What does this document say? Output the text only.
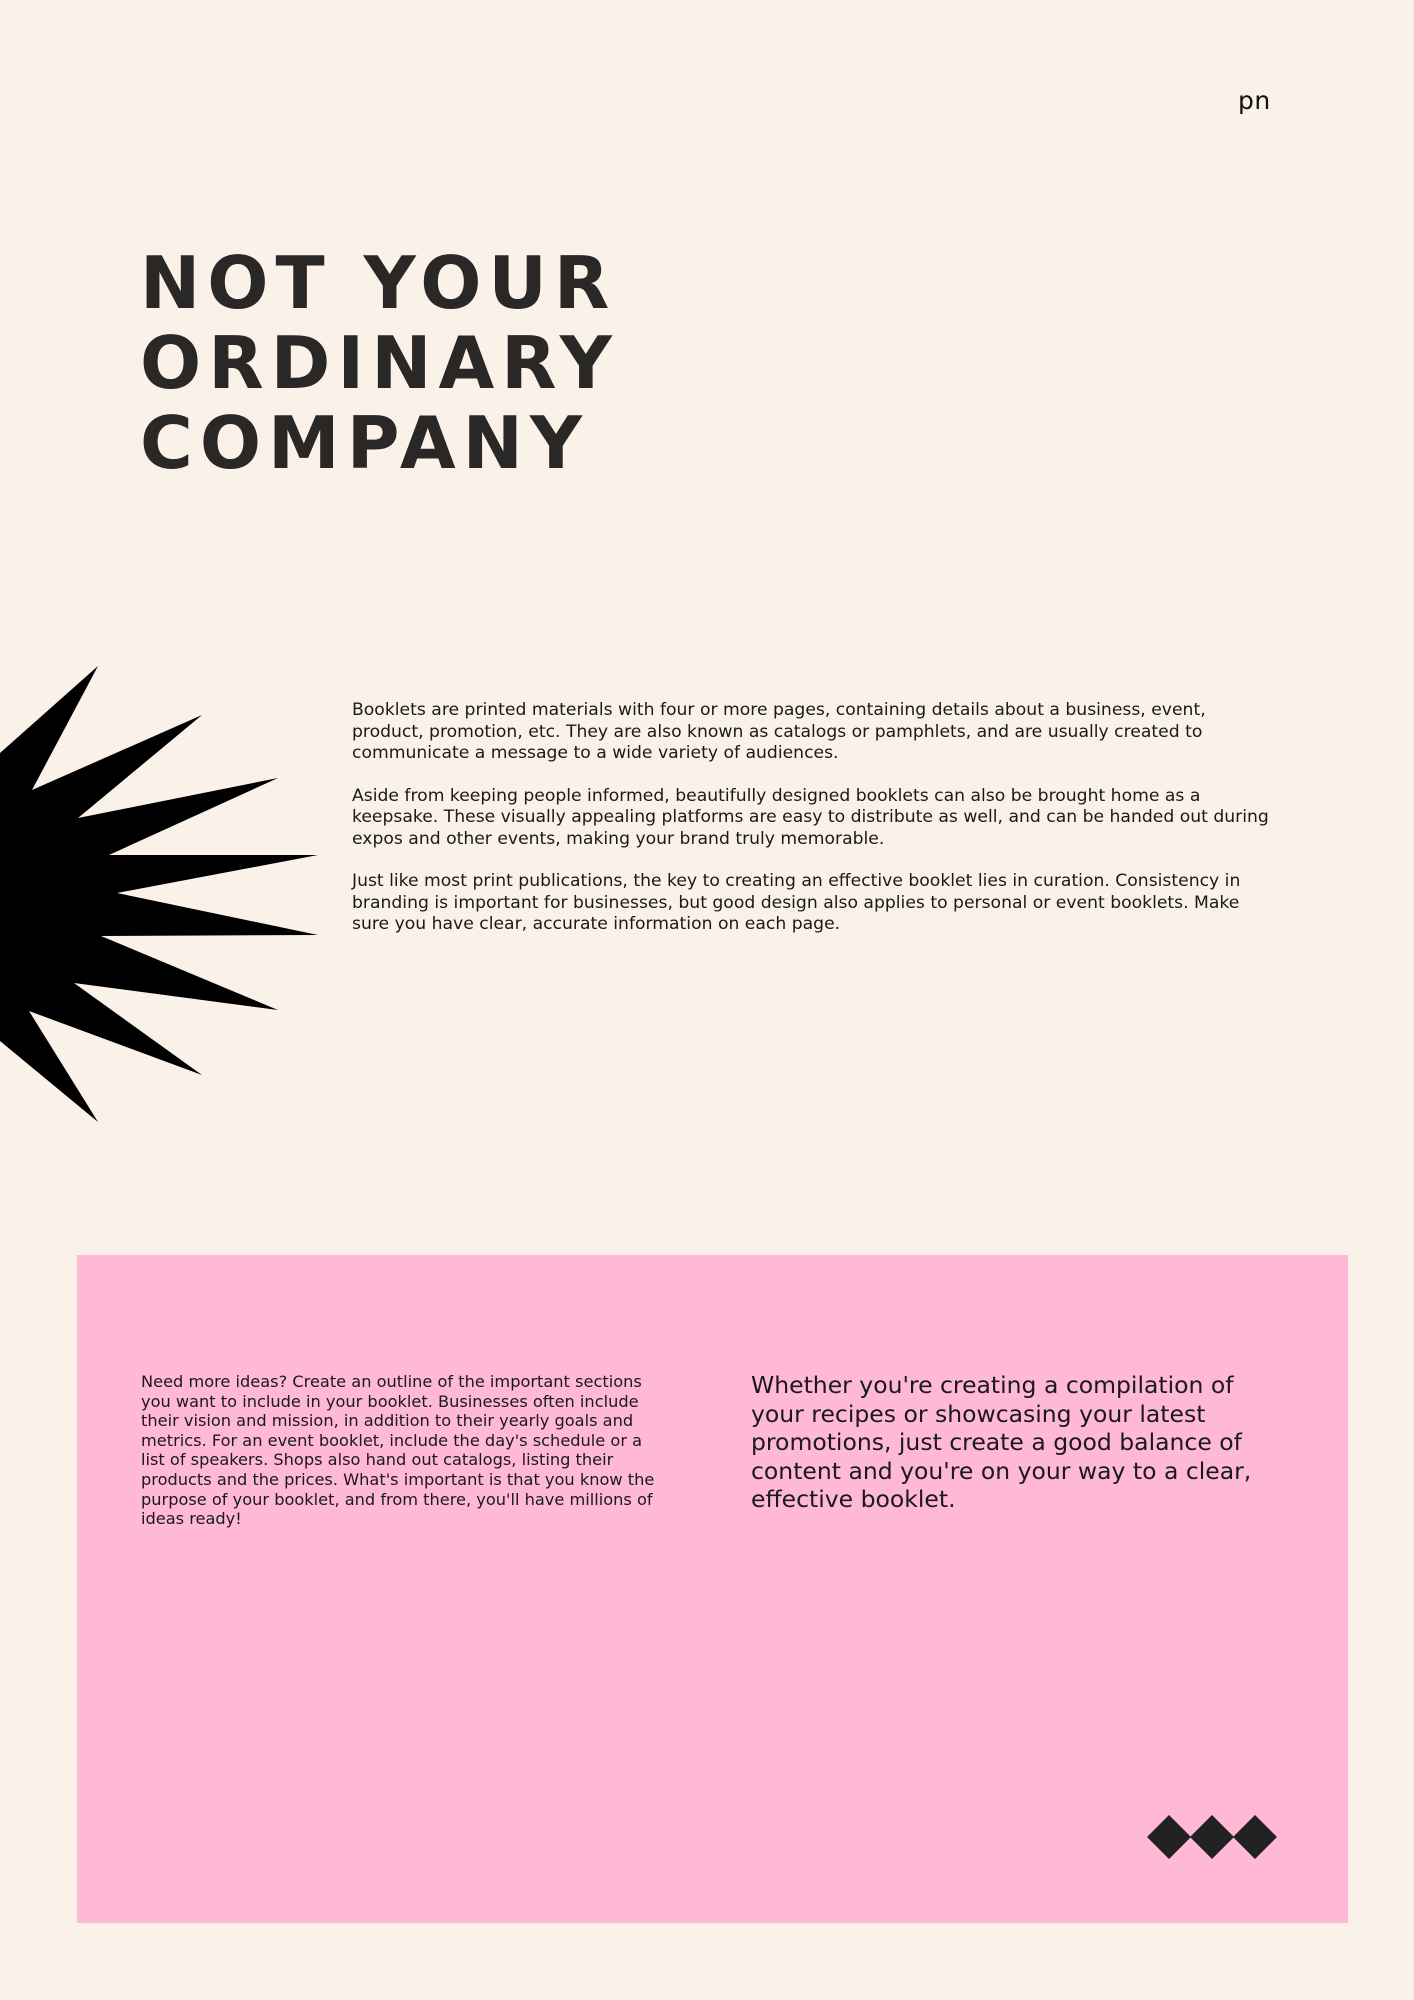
pn
NOT YOUR
ORDINARY
COMPANY

Booklets are printed materials with four or more pages, containing details about a business, event, product, promotion, etc. They are also known as catalogs or pamphlets, and are usually created to communicate a message to a wide variety of audiences.

Aside from keeping people informed, beautifully designed booklets can also be brought home as a keepsake. These visually appealing platforms are easy to distribute as well, and can be handed out during expos and other events, making your brand truly memorable.

Just like most print publications, the key to creating an effective booklet lies in curation. Consistency in branding is important for businesses, but good design also applies to personal or event booklets. Make sure you have clear, accurate information on each page.

Need more ideas? Create an outline of the important sections you want to include in your booklet. Businesses often include their vision and mission, in addition to their yearly goals and metrics. For an event booklet, include the day's schedule or a list of speakers. Shops also hand out catalogs, listing their products and the prices. What's important is that you know the purpose of your booklet, and from there, you'll have millions of ideas ready!

Whether you're creating a compilation of your recipes or showcasing your latest promotions, just create a good balance of content and you're on your way to a clear, effective booklet.
